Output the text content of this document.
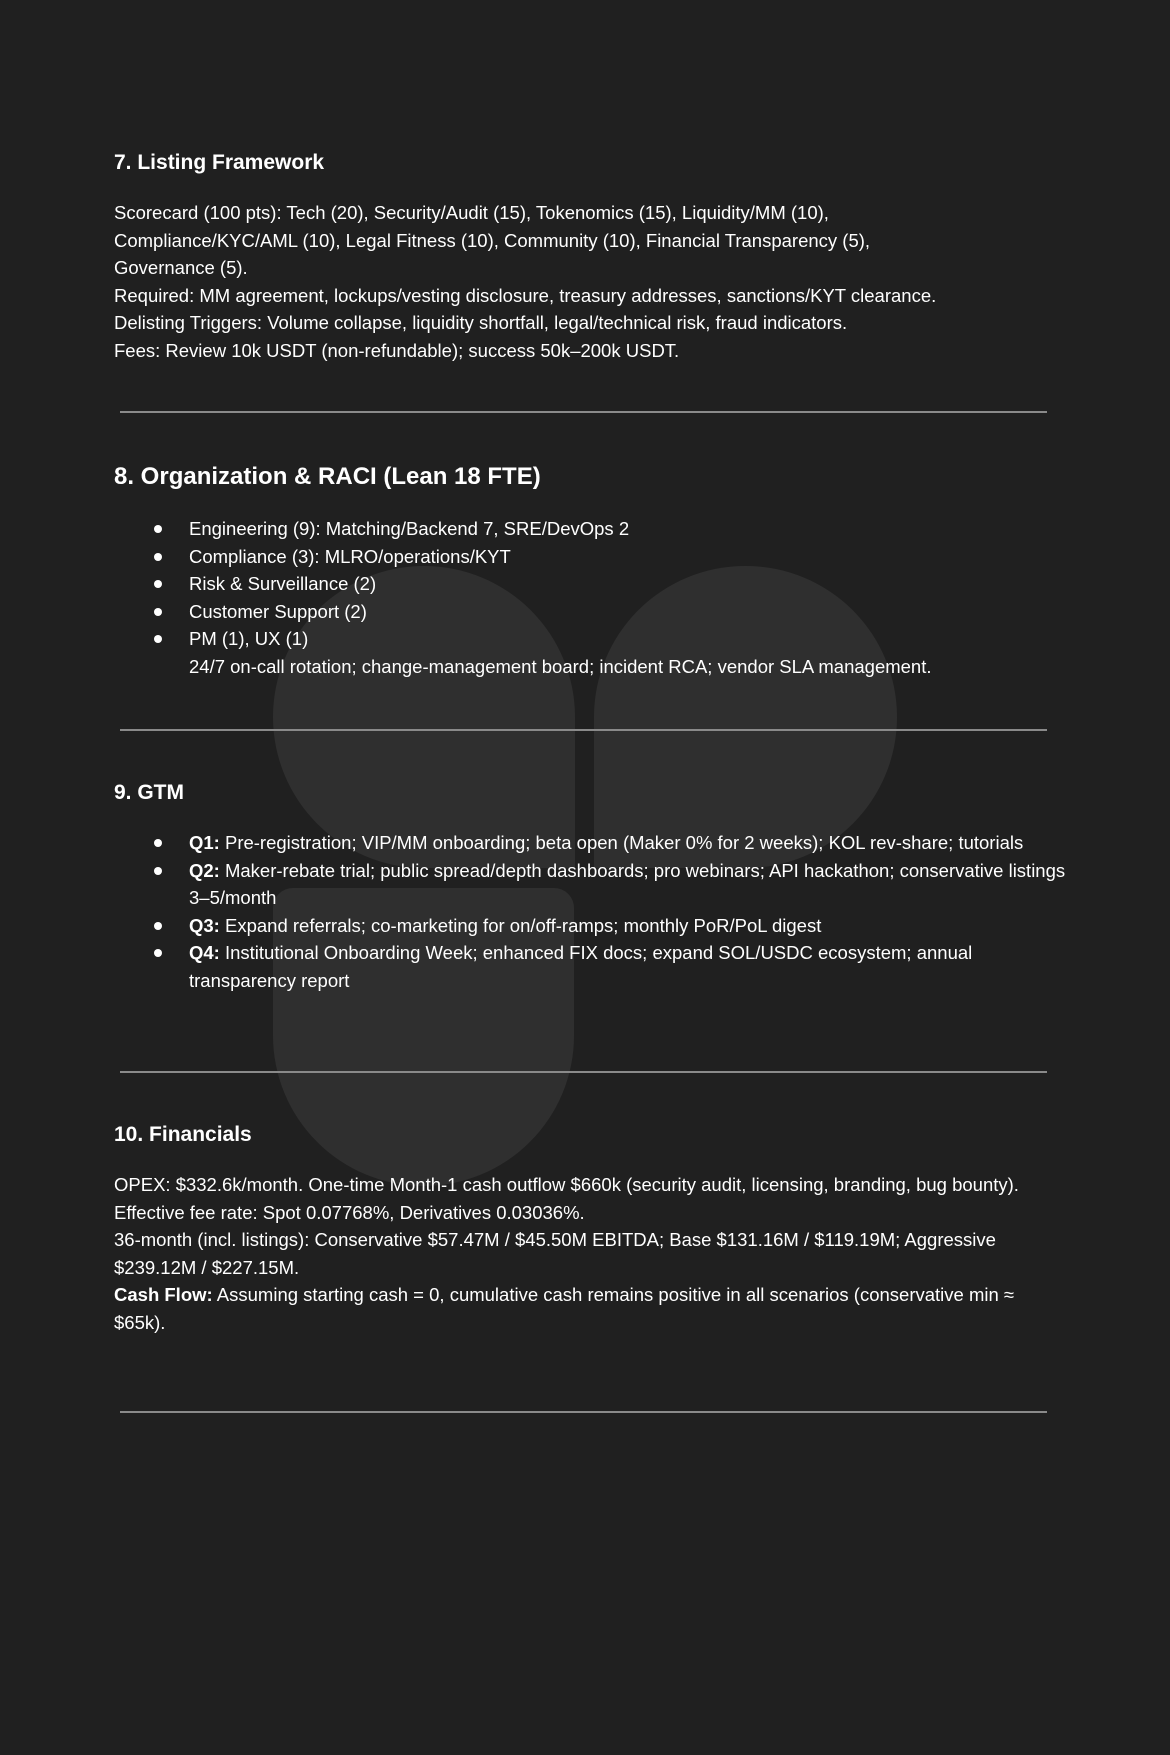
7. Listing Framework

Scorecard (100 pts): Tech (20), Security/Audit (15), Tokenomics (15), Liquidity/MM (10),

Compliance/KYC/AML (10), Legal Fitness (10), Community (10), Financial Transparency (5),

Governance (5).

Required: MM agreement, lockups/vesting disclosure, treasury addresses, sanctions/KYT clearance.

Delisting Triggers: Volume collapse, liquidity shortfall, legal/technical risk, fraud indicators.

Fees: Review 10k USDT (non-refundable); success 50k–200k USDT.

8. Organization & RACI (Lean 18 FTE)
Engineering (9): Matching/Backend 7, SRE/DevOps 2
Compliance (3): MLRO/operations/KYT
Risk & Surveillance (2)
Customer Support (2)
PM (1), UX (1)
24/7 on-call rotation; change-management board; incident RCA; vendor SLA management.
9. GTM
Q1: Pre-registration; VIP/MM onboarding; beta open (Maker 0% for 2 weeks); KOL rev-share; tutorials
Q2: Maker-rebate trial; public spread/depth dashboards; pro webinars; API hackathon; conservative listings 3–5/month
Q3: Expand referrals; co-marketing for on/off-ramps; monthly PoR/PoL digest
Q4: Institutional Onboarding Week; enhanced FIX docs; expand SOL/USDC ecosystem; annual transparency report
10. Financials

OPEX: $332.6k/month. One-time Month-1 cash outflow $660k (security audit, licensing, branding, bug bounty).

Effective fee rate: Spot 0.07768%, Derivatives 0.03036%.

36-month (incl. listings): Conservative $57.47M / $45.50M EBITDA; Base $131.16M / $119.19M; Aggressive $239.12M / $227.15M.

Cash Flow: Assuming starting cash = 0, cumulative cash remains positive in all scenarios (conservative min ≈ $65k).
